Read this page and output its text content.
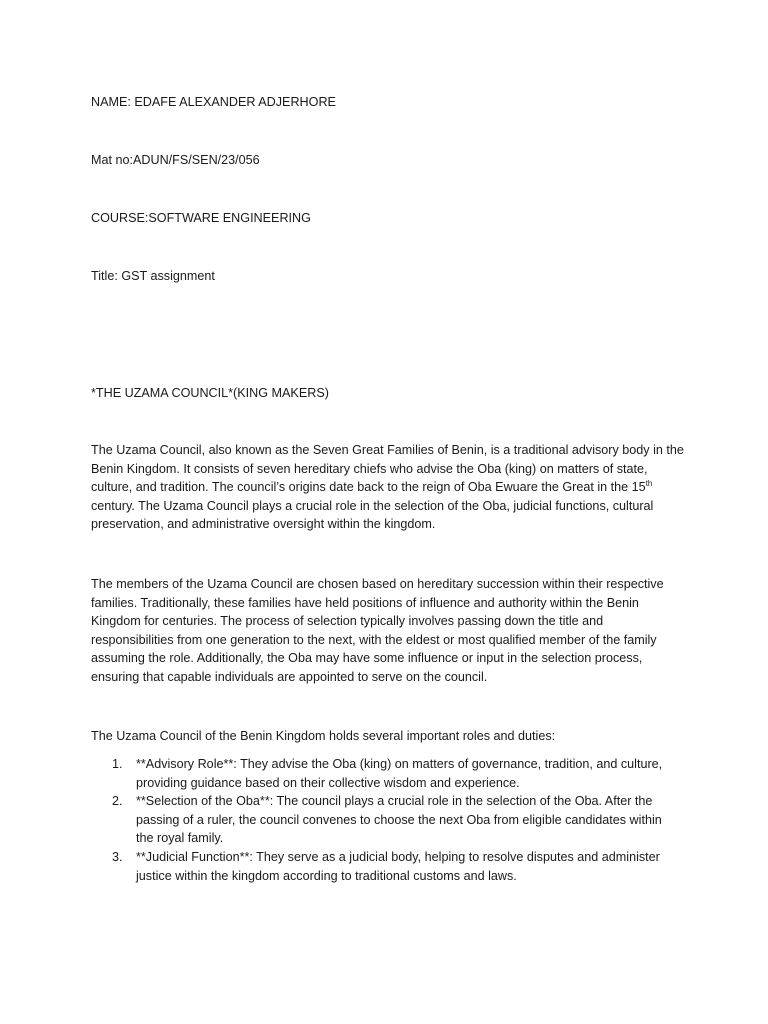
NAME: EDAFE ALEXANDER ADJERHORE

Mat no:ADUN/FS/SEN/23/056

COURSE:SOFTWARE ENGINEERING

Title: GST assignment

*THE UZAMA COUNCIL*(KING MAKERS)

The Uzama Council, also known as the Seven Great Families of Benin, is a traditional advisory body in the
Benin Kingdom. It consists of seven hereditary chiefs who advise the Oba (king) on matters of state,
culture, and tradition. The council’s origins date back to the reign of Oba Ewuare the Great in the 15th
century. The Uzama Council plays a crucial role in the selection of the Oba, judicial functions, cultural
preservation, and administrative oversight within the kingdom.
The members of the Uzama Council are chosen based on hereditary succession within their respective
families. Traditionally, these families have held positions of influence and authority within the Benin
Kingdom for centuries. The process of selection typically involves passing down the title and
responsibilities from one generation to the next, with the eldest or most qualified member of the family
assuming the role. Additionally, the Oba may have some influence or input in the selection process,
ensuring that capable individuals are appointed to serve on the council.

The Uzama Council of the Benin Kingdom holds several important roles and duties:

1. **Advisory Role**: They advise the Oba (king) on matters of governance, tradition, and culture,
providing guidance based on their collective wisdom and experience.
2. **Selection of the Oba**: The council plays a crucial role in the selection of the Oba. After the
passing of a ruler, the council convenes to choose the next Oba from eligible candidates within
the royal family.
3. **Judicial Function**: They serve as a judicial body, helping to resolve disputes and administer
justice within the kingdom according to traditional customs and laws.
